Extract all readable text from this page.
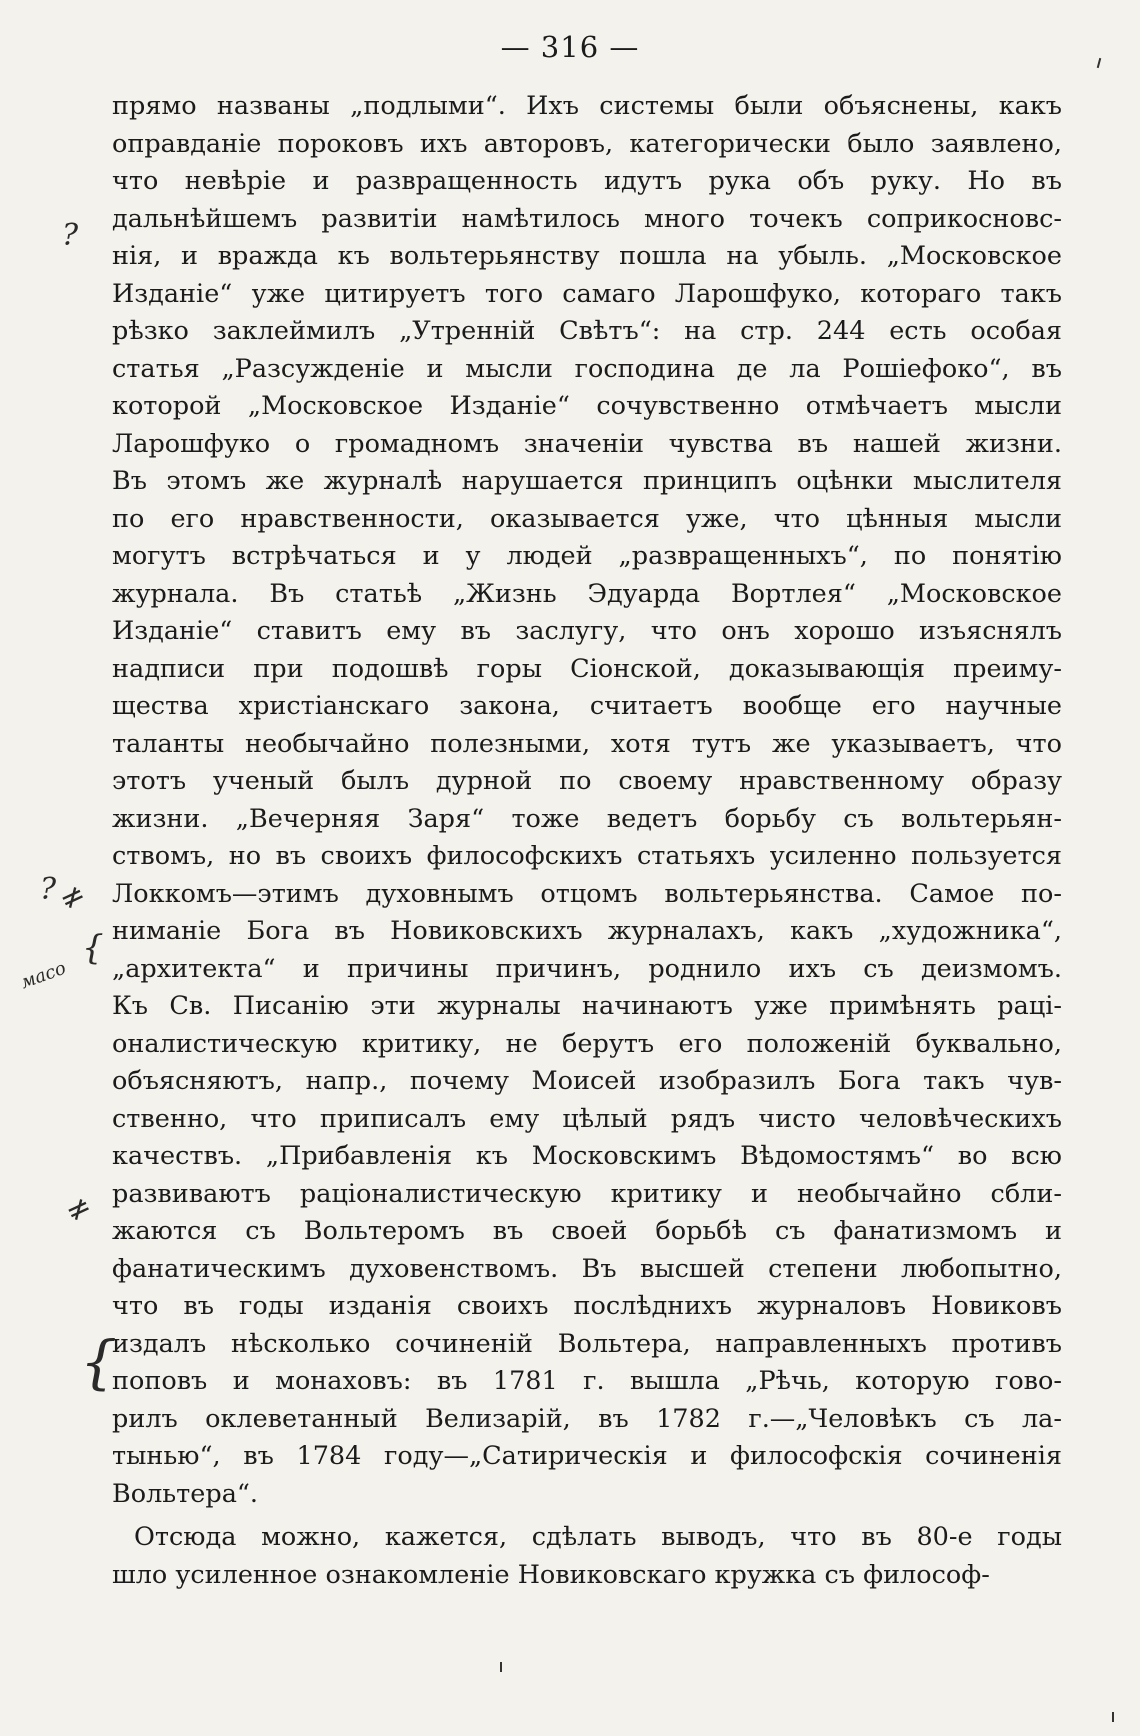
— 316 —
прямо названы „подлыми“. Ихъ системы были объяснены, какъ
оправданіе пороковъ ихъ авторовъ, категорически было заявлено,
что невѣріе и развращенность идутъ рука объ руку. Но въ
дальнѣйшемъ развитіи намѣтилось много точекъ соприкосновс-
нія, и вражда къ вольтерьянству пошла на убыль. „Московское
Изданіе“ уже цитируетъ того самаго Ларошфуко, котораго такъ
рѣзко заклеймилъ „Утренній Свѣтъ“: на стр. 244 есть особая
статья „Разсужденіе и мысли господина де ла Рошіефоко“, въ
которой „Московское Изданіе“ сочувственно отмѣчаетъ мысли
Ларошфуко о громадномъ значеніи чувства въ нашей жизни.
Въ этомъ же журналѣ нарушается принципъ оцѣнки мыслителя
по его нравственности, оказывается уже, что цѣнныя мысли
могутъ встрѣчаться и у людей „развращенныхъ“, по понятію
журнала. Въ статьѣ „Жизнь Эдуарда Вортлея“ „Московское
Изданіе“ ставитъ ему въ заслугу, что онъ хорошо изъяснялъ
надписи при подошвѣ горы Сіонской, доказывающія преиму-
щества христіанскаго закона, считаетъ вообще его научные
таланты необычайно полезными, хотя тутъ же указываетъ, что
этотъ ученый былъ дурной по своему нравственному образу
жизни. „Вечерняя Заря“ тоже ведетъ борьбу съ вольтерьян-
ствомъ, но въ своихъ философскихъ статьяхъ усиленно пользуется
Локкомъ—этимъ духовнымъ отцомъ вольтерьянства. Самое по-
ниманіе Бога въ Новиковскихъ журналахъ, какъ „художника“,
„архитекта“ и причины причинъ, роднило ихъ съ деизмомъ.
Къ Св. Писанію эти журналы начинаютъ уже примѣнять раці-
оналистическую критику, не берутъ его положеній буквально,
объясняютъ, напр., почему Моисей изобразилъ Бога такъ чув-
ственно, что приписалъ ему цѣлый рядъ чисто человѣческихъ
качествъ. „Прибавленія къ Московскимъ Вѣдомостямъ“ во всю
развиваютъ раціоналистическую критику и необычайно сбли-
жаются съ Вольтеромъ въ своей борьбѣ съ фанатизмомъ и
фанатическимъ духовенствомъ. Въ высшей степени любопытно,
что въ годы изданія своихъ послѣднихъ журналовъ Новиковъ
издалъ нѣсколько сочиненій Вольтера, направленныхъ противъ
поповъ и монаховъ: въ 1781 г. вышла „Рѣчь, которую гово-
рилъ оклеветанный Велизарій, въ 1782 г.—„Человѣкъ съ ла-
тынью“, въ 1784 году—„Сатирическія и философскія сочиненія
Вольтера“.
Отсюда можно, кажется, сдѣлать выводъ, что въ 80-е годы
шло усиленное ознакомленіе Новиковскаго кружка съ философ-
?
?
≠
{
масо
≠
{
